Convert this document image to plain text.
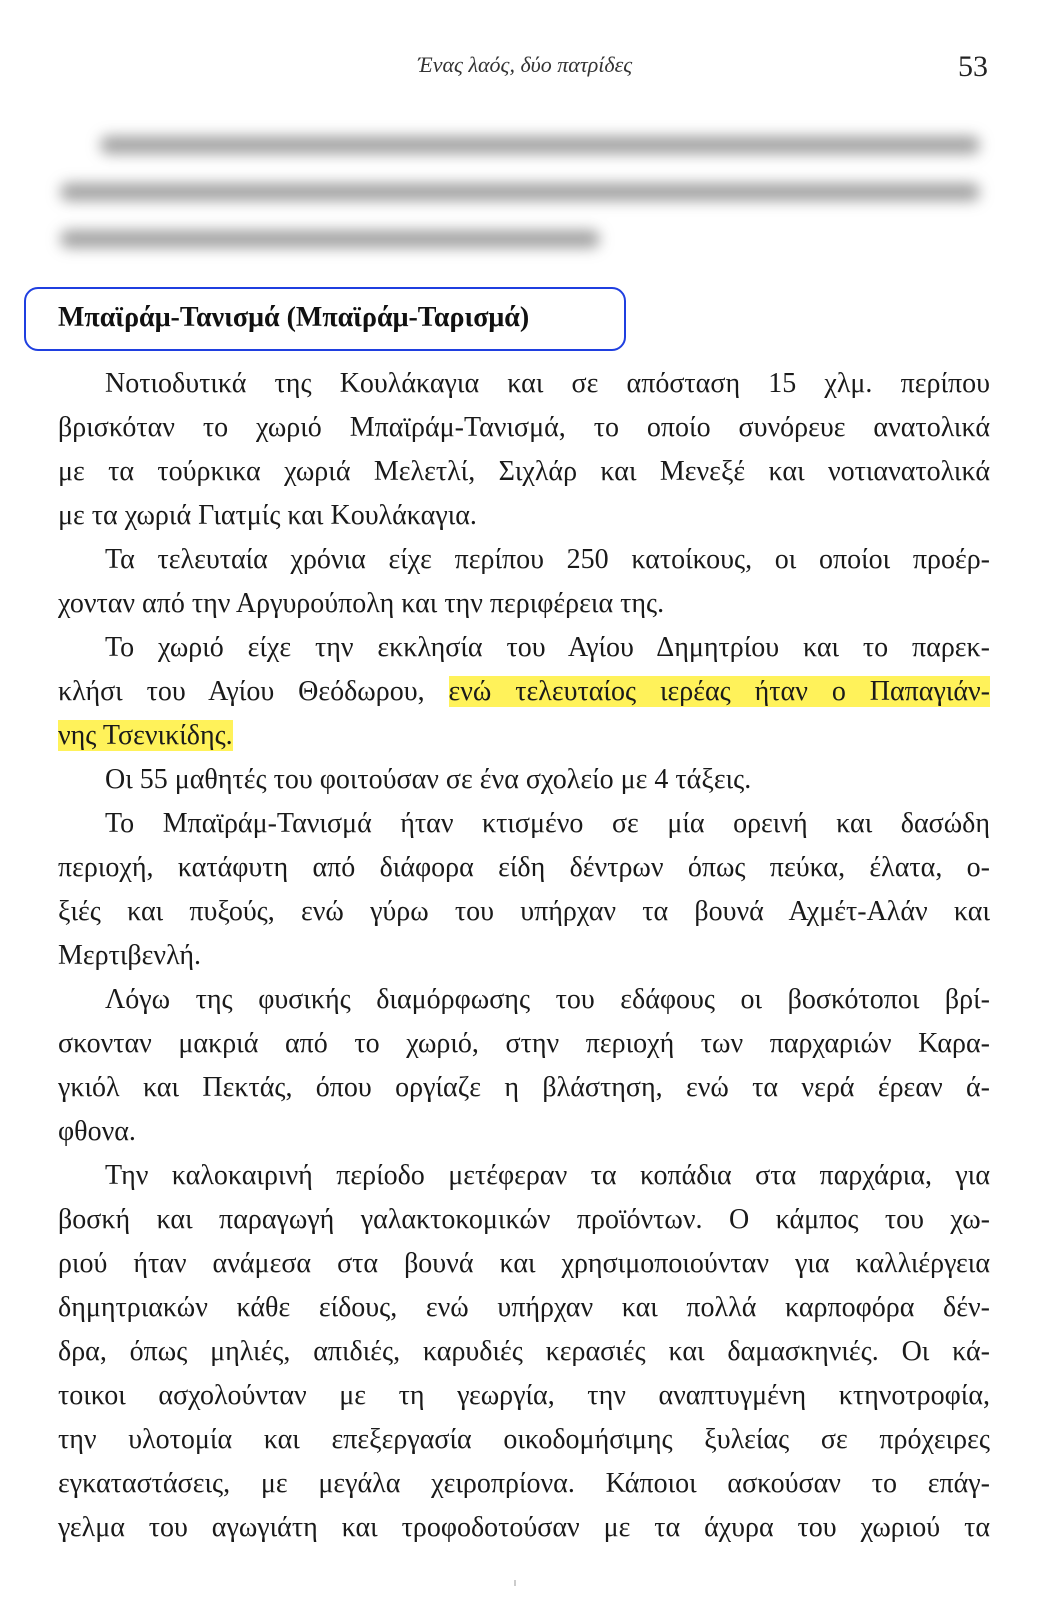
Ένας λαός, δύο πατρίδες	53
Μπαϊράμ-Τανισμά (Μπαϊράμ-Ταρισμά)
Νοτιοδυτικά της Κουλάκαγια και σε απόσταση 15 χλμ. περίπου
βρισκόταν το χωριό Μπαϊράμ-Τανισμά, το οποίο συνόρευε ανατολικά
με τα τούρκικα χωριά Μελετλί, Σιχλάρ και Μενεξέ και νοτιανατολικά
με τα χωριά Γιατμίς και Κουλάκαγια.
Τα τελευταία χρόνια είχε περίπου 250 κατοίκους, οι οποίοι προέρ-
χονταν από την Αργυρούπολη και την περιφέρεια της.
Το χωριό είχε την εκκλησία του Αγίου Δημητρίου και το παρεκ-
κλήσι του Αγίου Θεόδωρου, ενώ τελευταίος ιερέας ήταν ο Παπαγιάν-
νης Τσενικίδης.
Οι 55 μαθητές του φοιτούσαν σε ένα σχολείο με 4 τάξεις.
Το Μπαϊράμ-Τανισμά ήταν κτισμένο σε μία ορεινή και δασώδη
περιοχή, κατάφυτη από διάφορα είδη δέντρων όπως πεύκα, έλατα, ο-
ξιές και πυξούς, ενώ γύρω του υπήρχαν τα βουνά Αχμέτ-Αλάν και
Μερτιβενλή.
Λόγω της φυσικής διαμόρφωσης του εδάφους οι βοσκότοποι βρί-
σκονταν μακριά από το χωριό, στην περιοχή των παρχαριών Καρα-
γκιόλ και Πεκτάς, όπου οργίαζε η βλάστηση, ενώ τα νερά έρεαν ά-
φθονα.
Την καλοκαιρινή περίοδο μετέφεραν τα κοπάδια στα παρχάρια, για
βοσκή και παραγωγή γαλακτοκομικών προϊόντων. Ο κάμπος του χω-
ριού ήταν ανάμεσα στα βουνά και χρησιμοποιούνταν για καλλιέργεια
δημητριακών κάθε είδους, ενώ υπήρχαν και πολλά καρποφόρα δέν-
δρα, όπως μηλιές, απιδιές, καρυδιές κερασιές και δαμασκηνιές. Οι κά-
τοικοι ασχολούνταν με τη γεωργία, την αναπτυγμένη κτηνοτροφία,
την υλοτομία και επεξεργασία οικοδομήσιμης ξυλείας σε πρόχειρες
εγκαταστάσεις, με μεγάλα χειροπρίονα. Κάποιοι ασκούσαν το επάγ-
γελμα του αγωγιάτη και τροφοδοτούσαν με τα άχυρα του χωριού τα
